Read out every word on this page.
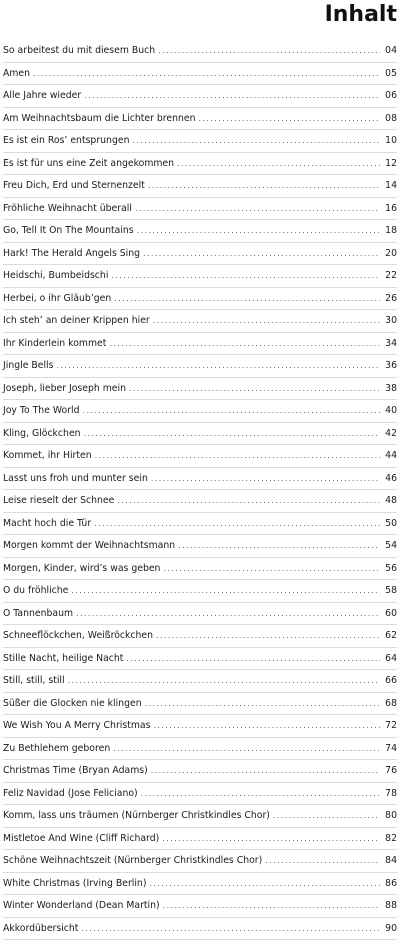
Inhalt
So arbeitest du mit diesem Buch .....	04
Amen .....	05
Alle Jahre wieder .....	06
Am Weihnachtsbaum die Lichter brennen .....	08
Es ist ein Ros’ entsprungen .....	10
Es ist für uns eine Zeit angekommen .....	12
Freu Dich, Erd und Sternenzelt .....	14
Fröhliche Weihnacht überall .....	16
Go, Tell It On The Mountains .....	18
Hark! The Herald Angels Sing .....	20
Heidschi, Bumbeidschi .....	22
Herbei, o ihr Gläub’gen .....	26
Ich steh’ an deiner Krippen hier .....	30
Ihr Kinderlein kommet .....	34
Jingle Bells .....	36
Joseph, lieber Joseph mein .....	38
Joy To The World .....	40
Kling, Glöckchen .....	42
Kommet, ihr Hirten .....	44
Lasst uns froh und munter sein .....	46
Leise rieselt der Schnee .....	48
Macht hoch die Tür .....	50
Morgen kommt der Weihnachtsmann .....	54
Morgen, Kinder, wird’s was geben .....	56
O du fröhliche .....	58
O Tannenbaum .....	60
Schneeflöckchen, Weißröckchen .....	62
Stille Nacht, heilige Nacht .....	64
Still, still, still .....	66
Süßer die Glocken nie klingen .....	68
We Wish You A Merry Christmas .....	72
Zu Bethlehem geboren .....	74
Christmas Time (Bryan Adams) .....	76
Feliz Navidad (Jose Feliciano) .....	78
Komm, lass uns träumen (Nürnberger Christkindles Chor) .....	80
Mistletoe And Wine (Cliff Richard) .....	82
Schöne Weihnachtszeit (Nürnberger Christkindles Chor) .....	84
White Christmas (Irving Berlin) .....	86
Winter Wonderland (Dean Martin) .....	88
Akkordübersicht .....	90
